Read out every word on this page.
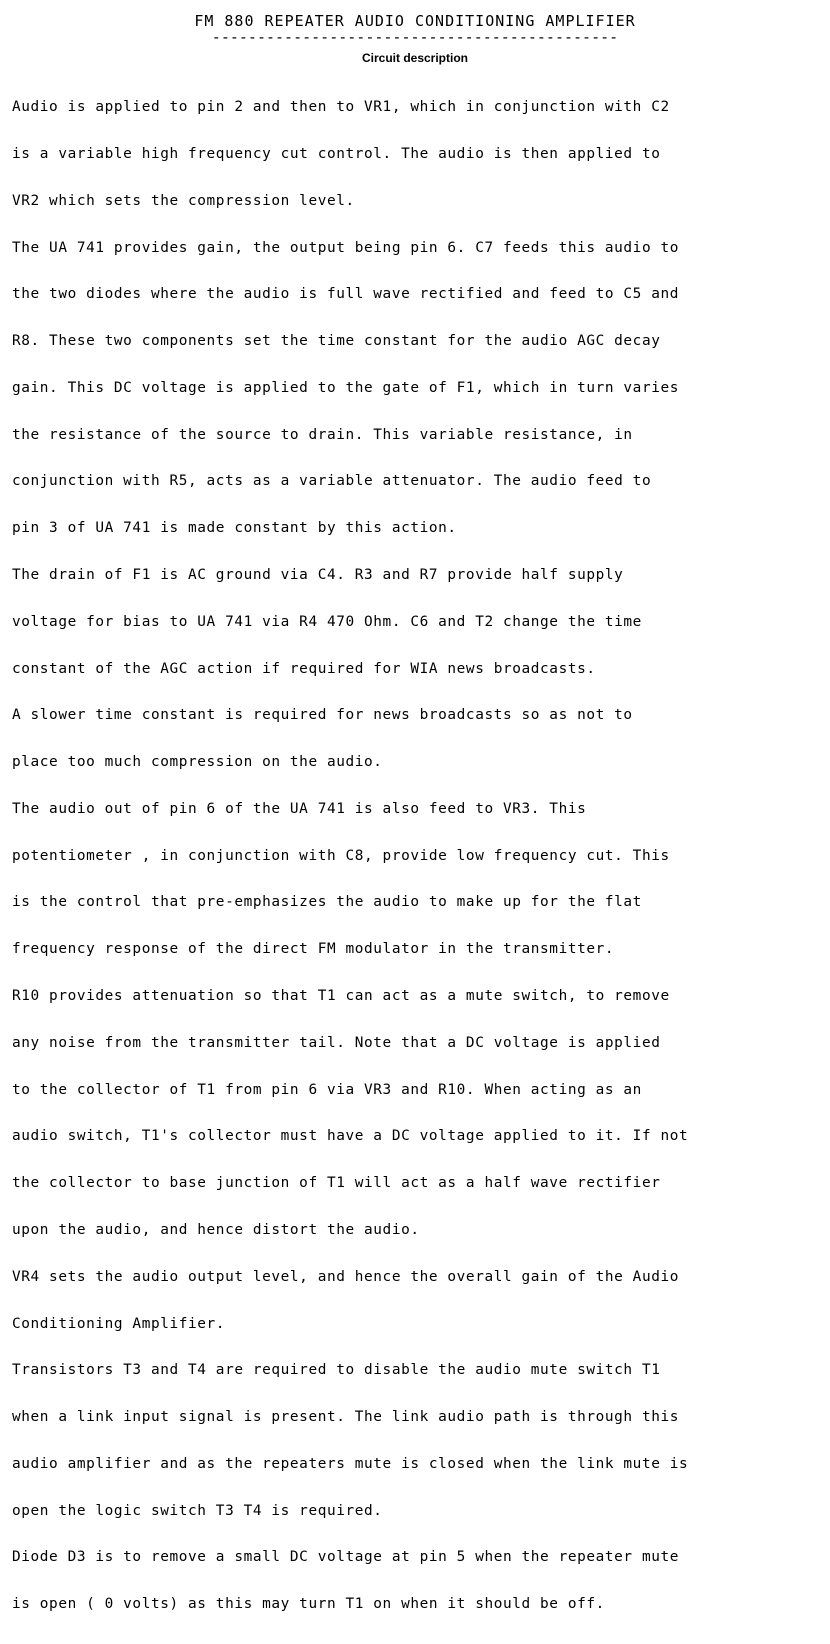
FM 880 REPEATER AUDIO CONDITIONING AMPLIFIER
---------------------------------------------
Circuit description

Audio is applied to pin 2 and then to VR1, which in conjunction with C2

is a variable high frequency cut control. The audio is then applied to

VR2 which sets the compression level.

The UA 741 provides gain, the output being pin 6. C7 feeds this audio to

the two diodes where the audio is full wave rectified and feed to C5 and

R8. These two components set the time constant for the audio AGC decay

gain. This DC voltage is applied to the gate of F1, which in turn varies

the resistance of the source to drain. This variable resistance, in

conjunction with R5, acts as a variable attenuator. The audio feed to

pin 3 of UA 741 is made constant by this action.

The drain of F1 is AC ground via C4. R3 and R7 provide half supply

voltage for bias to UA 741 via R4 470 Ohm. C6 and T2 change the time

constant of the AGC action if required for WIA news broadcasts.

A slower time constant is required for news broadcasts so as not to

place too much compression on the audio.

The audio out of pin 6 of the UA 741 is also feed to VR3. This

potentiometer , in conjunction with C8, provide low frequency cut. This

is the control that pre-emphasizes the audio to make up for the flat

frequency response of the direct FM modulator in the transmitter.

R10 provides attenuation so that T1 can act as a mute switch, to remove

any noise from the transmitter tail. Note that a DC voltage is applied

to the collector of T1 from pin 6 via VR3 and R10. When acting as an

audio switch, T1's collector must have a DC voltage applied to it. If not

the collector to base junction of T1 will act as a half wave rectifier

upon the audio, and hence distort the audio.

VR4 sets the audio output level, and hence the overall gain of the Audio

Conditioning Amplifier.

Transistors T3 and T4 are required to disable the audio mute switch T1

when a link input signal is present. The link audio path is through this

audio amplifier and as the repeaters mute is closed when the link mute is

open the logic switch T3 T4 is required.

Diode D3 is to remove a small DC voltage at pin 5 when the repeater mute

is open ( 0 volts) as this may turn T1 on when it should be off.
